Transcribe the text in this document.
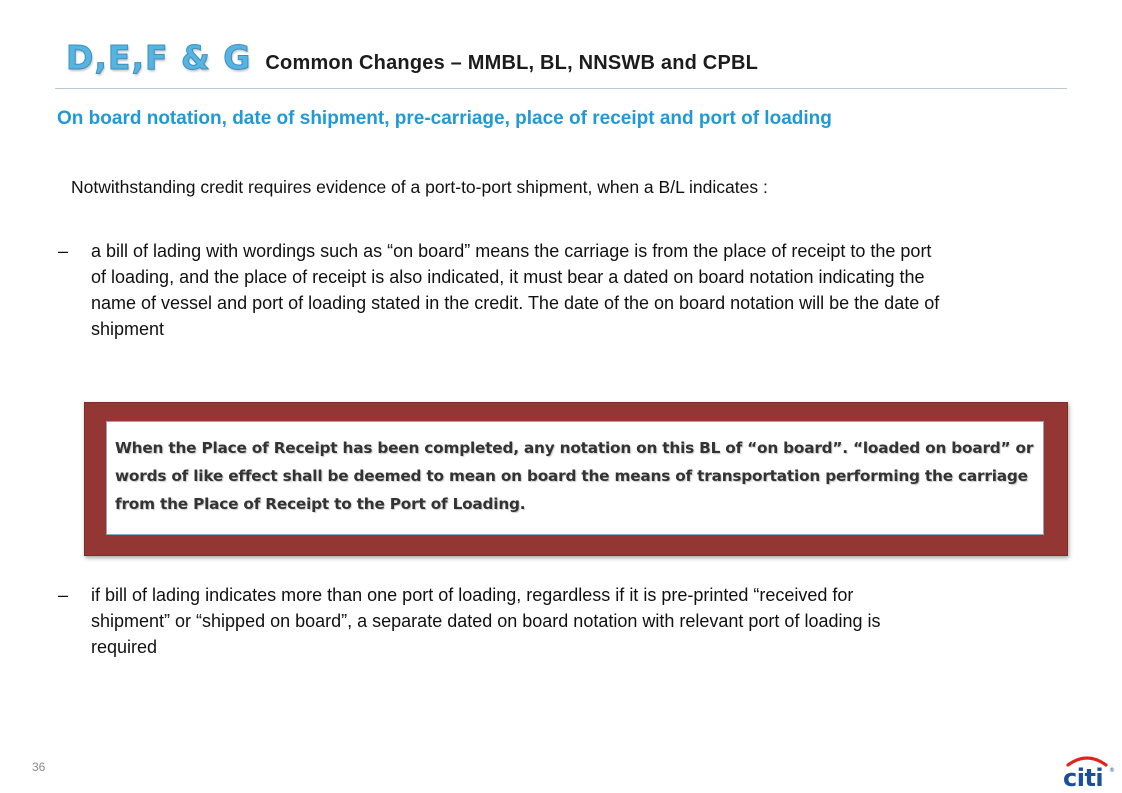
D,E,F & G Common Changes – MMBL, BL, NNSWB and CPBL
On board notation, date of shipment, pre-carriage, place of receipt and port of loading
Notwithstanding credit requires evidence of a port-to-port shipment, when a B/L indicates :
–	a bill of lading with wordings such as “on board” means the carriage is from the place of receipt to the port of loading, and the place of receipt is also indicated, it must bear a dated on board notation indicating the name of vessel and port of loading stated in the credit. The date of the on board notation will be the date of shipment
When the Place of Receipt has been completed, any notation on this BL of “on board”. “loaded on board” or words of like effect shall be deemed to mean on board the means of transportation performing the carriage from the Place of Receipt to the Port of Loading.
–	if bill of lading indicates more than one port of loading, regardless if it is pre-printed “received for shipment” or “shipped on board”, a separate dated on board notation with relevant port of loading is required
36	citi ®
